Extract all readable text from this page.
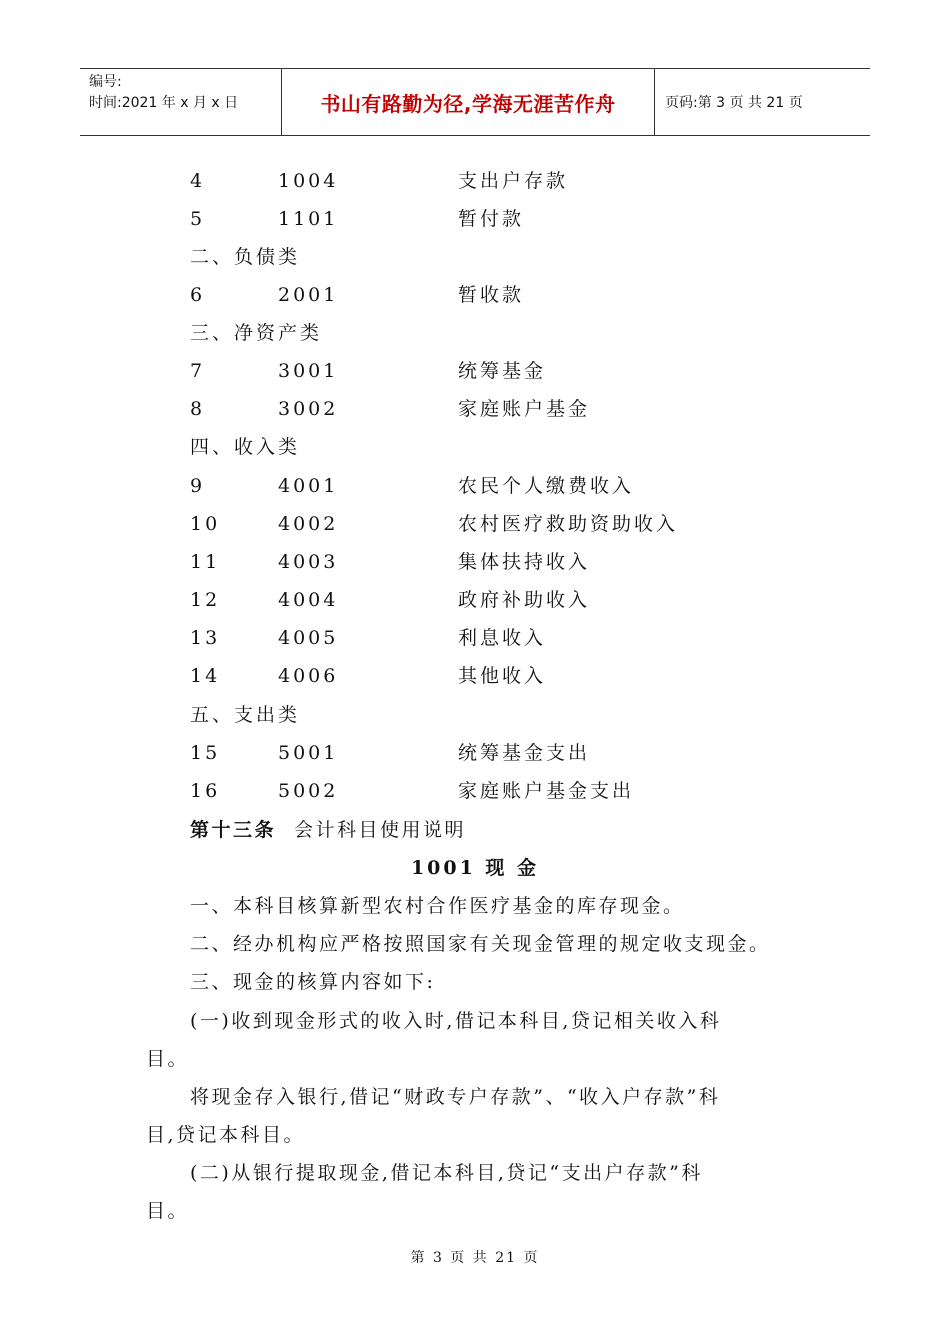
编号:
时间:2021 年 x 月 x 日	书山有路勤为径,学海无涯苦作舟	页码:第 3 页 共 21 页
4	1004	支出户存款
5	1101	暂付款
二、负债类
6	2001	暂收款
三、净资产类
7	3001	统筹基金
8	3002	家庭账户基金
四、收入类
9	4001	农民个人缴费收入
10	4002	农村医疗救助资助收入
11	4003	集体扶持收入
12	4004	政府补助收入
13	4005	利息收入
14	4006	其他收入
五、支出类
15	5001	统筹基金支出
16	5002	家庭账户基金支出
第十三条 会计科目使用说明
1001 现 金
一、本科目核算新型农村合作医疗基金的库存现金。
二、经办机构应严格按照国家有关现金管理的规定收支现金。
三、现金的核算内容如下:
(一)收到现金形式的收入时,借记本科目,贷记相关收入科
目。
将现金存入银行,借记“财政专户存款”、“收入户存款”科
目,贷记本科目。
(二)从银行提取现金,借记本科目,贷记“支出户存款”科
目。
第 3 页 共 21 页
